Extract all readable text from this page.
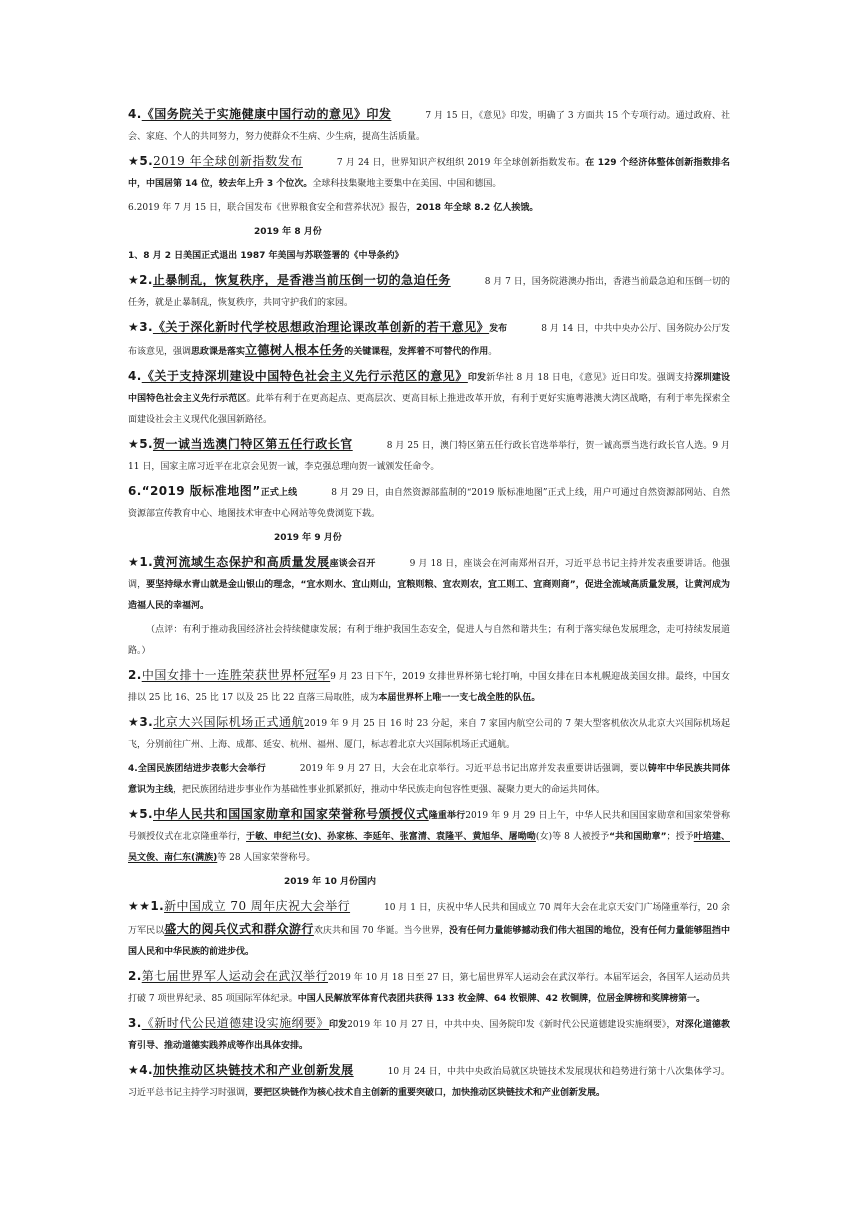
4.《国务院关于实施健康中国行动的意见》印发	7 月 15 日，《意见》印发，明确了 3 方面共 15 个专项行动。通过政府、社会、家庭、个人的共同努力，努力使群众不生病、少生病，提高生活质量。

★5.2019 年全球创新指数发布	7 月 24 日，世界知识产权组织 2019 年全球创新指数发布。在 129 个经济体整体创新指数排名中，中国居第 14 位，较去年上升 3 个位次。全球科技集聚地主要集中在美国、中国和德国。

6.2019 年 7 月 15 日，联合国发布《世界粮食安全和营养状况》报告，2018 年全球 8.2 亿人挨饿。

2019 年 8 月份

1、8 月 2 日美国正式退出 1987 年美国与苏联签署的《中导条约》

★2.止暴制乱，恢复秩序，是香港当前压倒一切的急迫任务	8 月 7 日，国务院港澳办指出，香港当前最急迫和压倒一切的任务，就是止暴制乱，恢复秩序，共同守护我们的家园。

★3.《关于深化新时代学校思想政治理论课改革创新的若干意见》发布	8 月 14 日，中共中央办公厅、国务院办公厅发布该意见，强调思政课是落实立德树人根本任务的关键课程，发挥着不可替代的作用。

4.《关于支持深圳建设中国特色社会主义先行示范区的意见》印发新华社 8 月 18 日电，《意见》近日印发。强调支持深圳建设中国特色社会主义先行示范区。此举有利于在更高起点、更高层次、更高目标上推进改革开放，有利于更好实施粤港澳大湾区战略，有利于率先探索全面建设社会主义现代化强国新路径。

★5.贺一诚当选澳门特区第五任行政长官	8 月 25 日，澳门特区第五任行政长官选举举行，贺一诚高票当选行政长官人选。9 月 11 日，国家主席习近平在北京会见贺一诚，李克强总理向贺一诚颁发任命令。

6.“2019 版标准地图”正式上线	8 月 29 日，由自然资源部监制的“2019 版标准地图”正式上线，用户可通过自然资源部网站、自然资源部宣传教育中心、地图技术审查中心网站等免费浏览下载。

2019 年 9 月份

★1.黄河流域生态保护和高质量发展座谈会召开	9 月 18 日，座谈会在河南郑州召开，习近平总书记主持并发表重要讲话。他强调，要坚持绿水青山就是金山银山的理念，“宜水则水、宜山则山，宜粮则粮、宜农则农，宜工则工、宜商则商”，促进全流域高质量发展，让黄河成为造福人民的幸福河。

（点评：有利于推动我国经济社会持续健康发展；有利于维护我国生态安全，促进人与自然和谐共生；有利于落实绿色发展理念，走可持续发展道路。）

2.中国女排十一连胜荣获世界杯冠军9 月 23 日下午，2019 女排世界杯第七轮打响，中国女排在日本札幌迎战美国女排。最终，中国女排以 25 比 16、25 比 17 以及 25 比 22 直落三局取胜，成为本届世界杯上唯一一支七战全胜的队伍。

★3.北京大兴国际机场正式通航2019 年 9 月 25 日 16 时 23 分起，来自 7 家国内航空公司的 7 架大型客机依次从北京大兴国际机场起飞，分别前往广州、上海、成都、延安、杭州、福州、厦门，标志着北京大兴国际机场正式通航。

4.全国民族团结进步表彰大会举行	2019 年 9 月 27 日，大会在北京举行。习近平总书记出席并发表重要讲话强调，要以铸牢中华民族共同体意识为主线，把民族团结进步事业作为基础性事业抓紧抓好，推动中华民族走向包容性更强、凝聚力更大的命运共同体。

★5.中华人民共和国国家勋章和国家荣誉称号颁授仪式隆重举行2019 年 9 月 29 日上午，中华人民共和国国家勋章和国家荣誉称号颁授仪式在北京隆重举行，于敏、申纪兰(女)、孙家栋、李延年、张富清、袁隆平、黄旭华、屠呦呦(女)等 8 人被授予“共和国勋章”；授予叶培建、吴文俊、南仁东(满族)等 28 人国家荣誉称号。

2019 年 10 月份国内

★★1.新中国成立 70 周年庆祝大会举行	10 月 1 日，庆祝中华人民共和国成立 70 周年大会在北京天安门广场隆重举行，20 余万军民以盛大的阅兵仪式和群众游行欢庆共和国 70 华诞。当今世界，没有任何力量能够撼动我们伟大祖国的地位，没有任何力量能够阻挡中国人民和中华民族的前进步伐。

2.第七届世界军人运动会在武汉举行2019 年 10 月 18 日至 27 日，第七届世界军人运动会在武汉举行。本届军运会，各国军人运动员共打破 7 项世界纪录、85 项国际军体纪录。中国人民解放军体育代表团共获得 133 枚金牌、64 枚银牌、42 枚铜牌，位居金牌榜和奖牌榜第一。

3.《新时代公民道德建设实施纲要》印发2019 年 10 月 27 日，中共中央、国务院印发《新时代公民道德建设实施纲要》，对深化道德教育引导、推动道德实践养成等作出具体安排。

★4.加快推动区块链技术和产业创新发展	10 月 24 日，中共中央政治局就区块链技术发展现状和趋势进行第十八次集体学习。习近平总书记主持学习时强调，要把区块链作为核心技术自主创新的重要突破口，加快推动区块链技术和产业创新发展。
